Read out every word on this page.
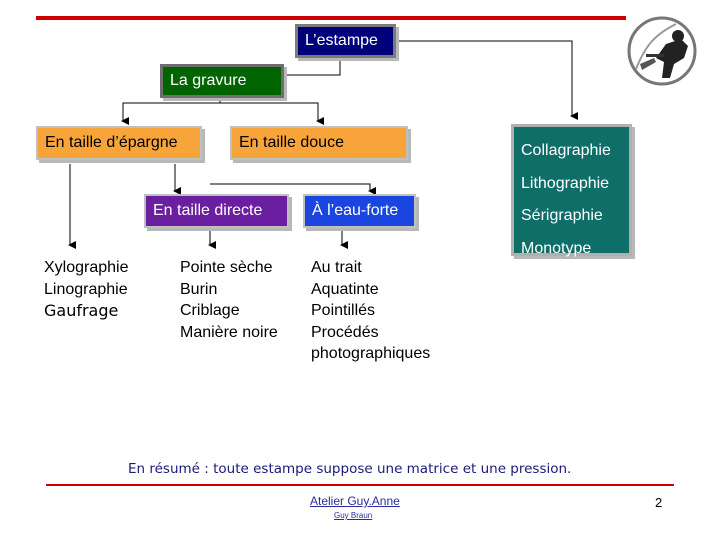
L’estampe
La gravure
En taille d’épargne	En taille douce
En taille directe	À l’eau-forte
Collagraphie
Lithographie
Sérigraphie
Monotype
Xylographie
Linographie
Gaufrage
Pointe sèche
Burin
Criblage
Manière noire
Au trait
Aquatinte
Pointillés
Procédés
photographiques
En résumé : toute estampe suppose une matrice et une pression.
Atelier Guy.Anne
Guy Braun
2
